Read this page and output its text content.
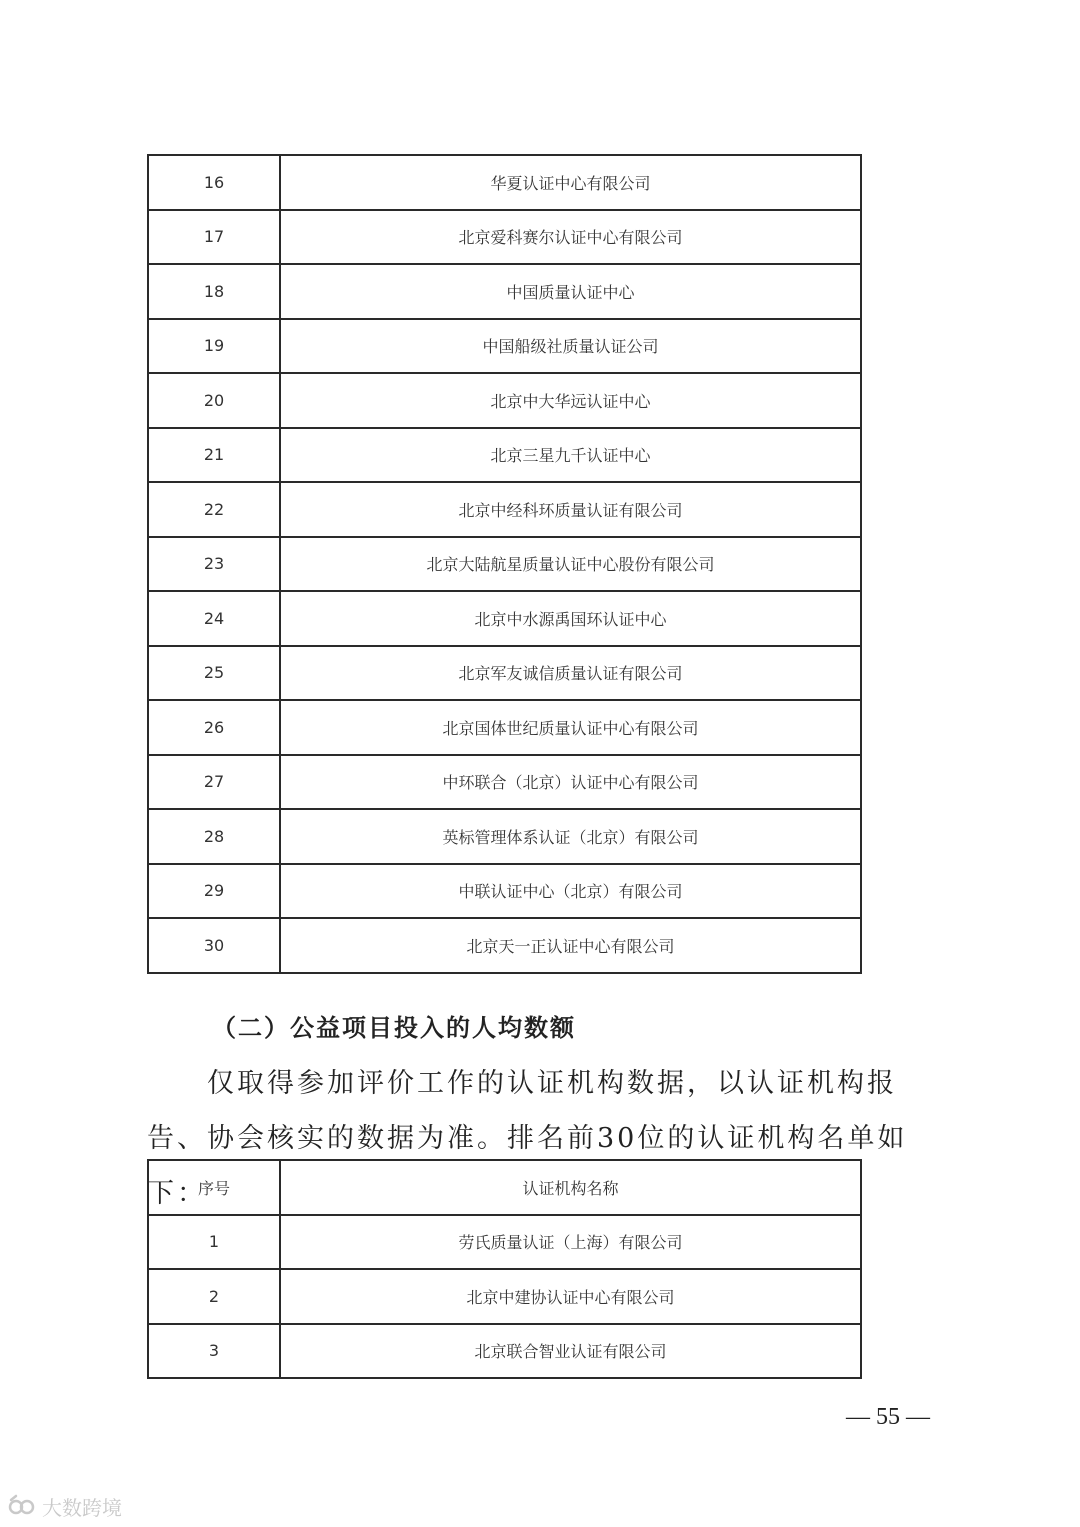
16	华夏认证中心有限公司
17	北京爱科赛尔认证中心有限公司
18	中国质量认证中心
19	中国船级社质量认证公司
20	北京中大华远认证中心
21	北京三星九千认证中心
22	北京中经科环质量认证有限公司
23	北京大陆航星质量认证中心股份有限公司
24	北京中水源禹国环认证中心
25	北京军友诚信质量认证有限公司
26	北京国体世纪质量认证中心有限公司
27	中环联合（北京）认证中心有限公司
28	英标管理体系认证（北京）有限公司
29	中联认证中心（北京）有限公司
30	北京天一正认证中心有限公司
（二）公益项目投入的人均数额

仅取得参加评价工作的认证机构数据，以认证机构报告、协会核实的数据为准。排名前30位的认证机构名单如下：

序号	认证机构名称
1	劳氏质量认证（上海）有限公司
2	北京中建协认证中心有限公司
3	北京联合智业认证有限公司
— 55 —
大数跨境
